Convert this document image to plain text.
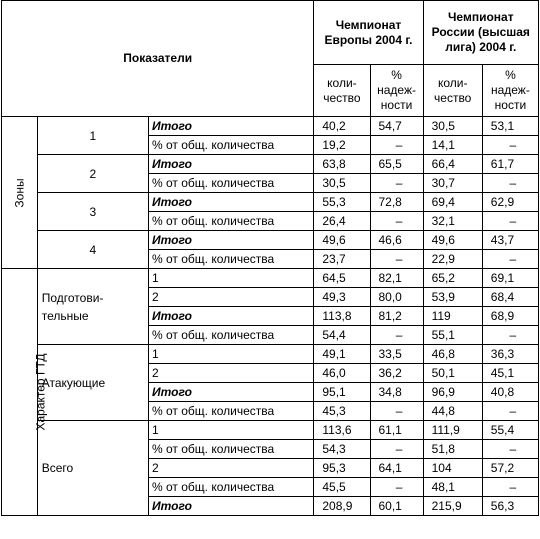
Показатели			Чемпионат Европы 2004 г.		Чемпионат России (высшая лига) 2004 г.	
			коли-чество	% надеж-ности	коли-чество	% надеж-ности
Зоны	1	Итого	40,2	54,7	30,5	53,1
		% от общ. количества	19,2	–	14,1	–
	2	Итого	63,8	65,5	66,4	61,7
		% от общ. количества	30,5	–	30,7	–
	3	Итого	55,3	72,8	69,4	62,9
		% от общ. количества	26,4	–	32,1	–
	4	Итого	49,6	46,6	49,6	43,7
		% от общ. количества	23,7	–	22,9	–
Характер ГТД	Подготови-тельные	1	64,5	82,1	65,2	69,1
		2	49,3	80,0	53,9	68,4
		Итого	113,8	81,2	119	68,9
		% от общ. количества	54,4	–	55,1	–
	Атакующие	1	49,1	33,5	46,8	36,3
		2	46,0	36,2	50,1	45,1
		Итого	95,1	34,8	96,9	40,8
		% от общ. количества	45,3	–	44,8	–
	Всего	1	113,6	61,1	111,9	55,4
		% от общ. количества	54,3	–	51,8	–
		2	95,3	64,1	104	57,2
		% от общ. количества	45,5	–	48,1	–
		Итого	208,9	60,1	215,9	56,3
